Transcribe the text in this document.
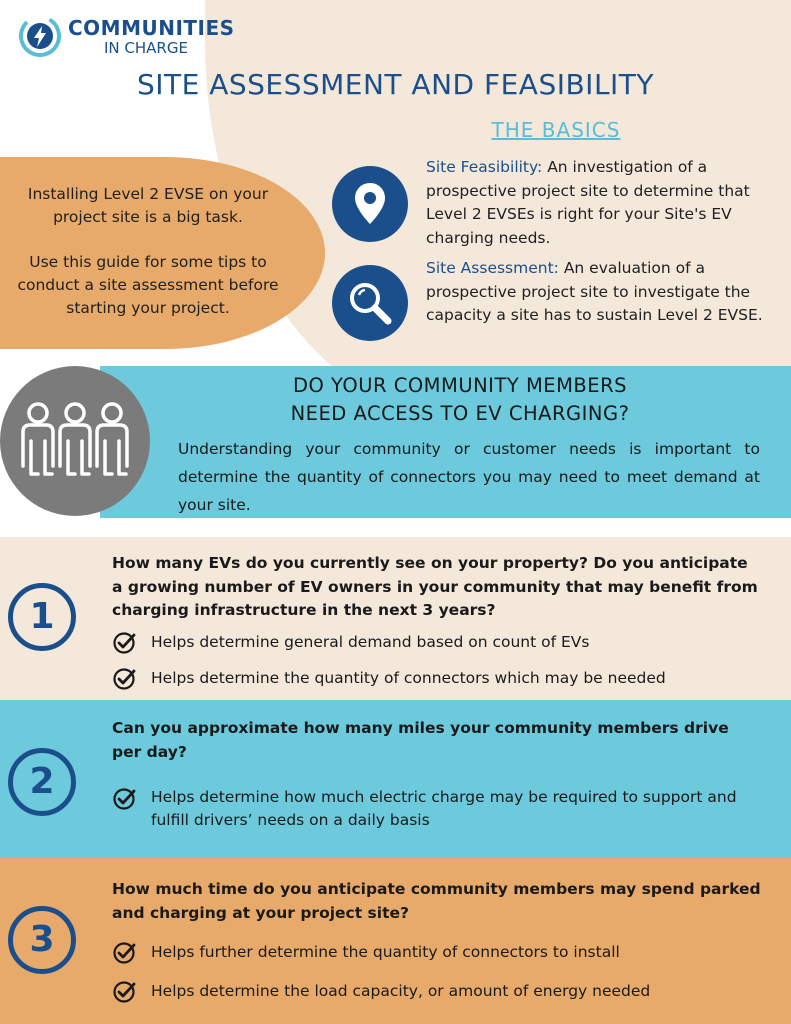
COMMUNITIES
IN CHARGE
SITE ASSESSMENT AND FEASIBILITY
THE BASICS

Installing Level 2 EVSE on your project site is a big task.

Use this guide for some tips to conduct a site assessment before starting your project.

Site Feasibility: An investigation of a prospective project site to determine that Level 2 EVSEs is right for your Site's EV charging needs.
Site Assessment: An evaluation of a prospective project site to investigate the capacity a site has to sustain Level 2 EVSE.
DO YOUR COMMUNITY MEMBERS
NEED ACCESS TO EV CHARGING?
Understanding your community or customer needs is important to determine the quantity of connectors you may need to meet demand at your site.
1
How many EVs do you currently see on your property? Do you anticipate a growing number of EV owners in your community that may benefit from charging infrastructure in the next 3 years?
Helps determine general demand based on count of EVs
Helps determine the quantity of connectors which may be needed
2
Can you approximate how many miles your community members drive per day?
Helps determine how much electric charge may be required to support and fulfill drivers’ needs on a daily basis
3
How much time do you anticipate community members may spend parked and charging at your project site?
Helps further determine the quantity of connectors to install
Helps determine the load capacity, or amount of energy needed
